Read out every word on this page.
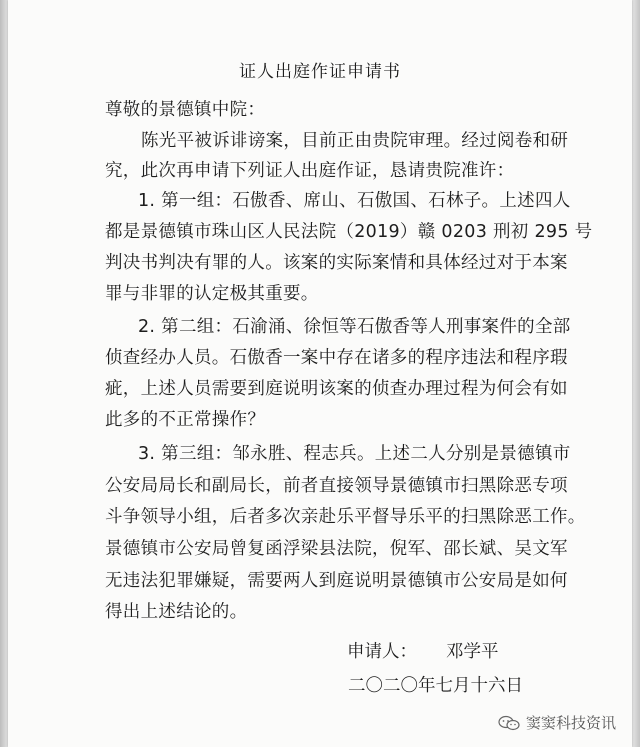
证人出庭作证申请书
尊敬的景德镇中院：
陈光平被诉诽谤案，目前正由贵院审理。经过阅卷和研
究，此次再申请下列证人出庭作证，恳请贵院准许：
1. 第一组：石傲香、席山、石傲国、石林子。上述四人
都是景德镇市珠山区人民法院（2019）赣 0203 刑初 295 号
判决书判决有罪的人。该案的实际案情和具体经过对于本案
罪与非罪的认定极其重要。
2. 第二组：石渝涌、徐恒等石傲香等人刑事案件的全部
侦查经办人员。石傲香一案中存在诸多的程序违法和程序瑕
疵，上述人员需要到庭说明该案的侦查办理过程为何会有如
此多的不正常操作？
3. 第三组：邹永胜、程志兵。上述二人分别是景德镇市
公安局局长和副局长，前者直接领导景德镇市扫黑除恶专项
斗争领导小组，后者多次亲赴乐平督导乐平的扫黑除恶工作。
景德镇市公安局曾复函浮梁县法院，倪军、邵长斌、吴文军
无违法犯罪嫌疑，需要两人到庭说明景德镇市公安局是如何
得出上述结论的。
申请人： 邓学平
二〇二〇年七月十六日
窦窦科技资讯
